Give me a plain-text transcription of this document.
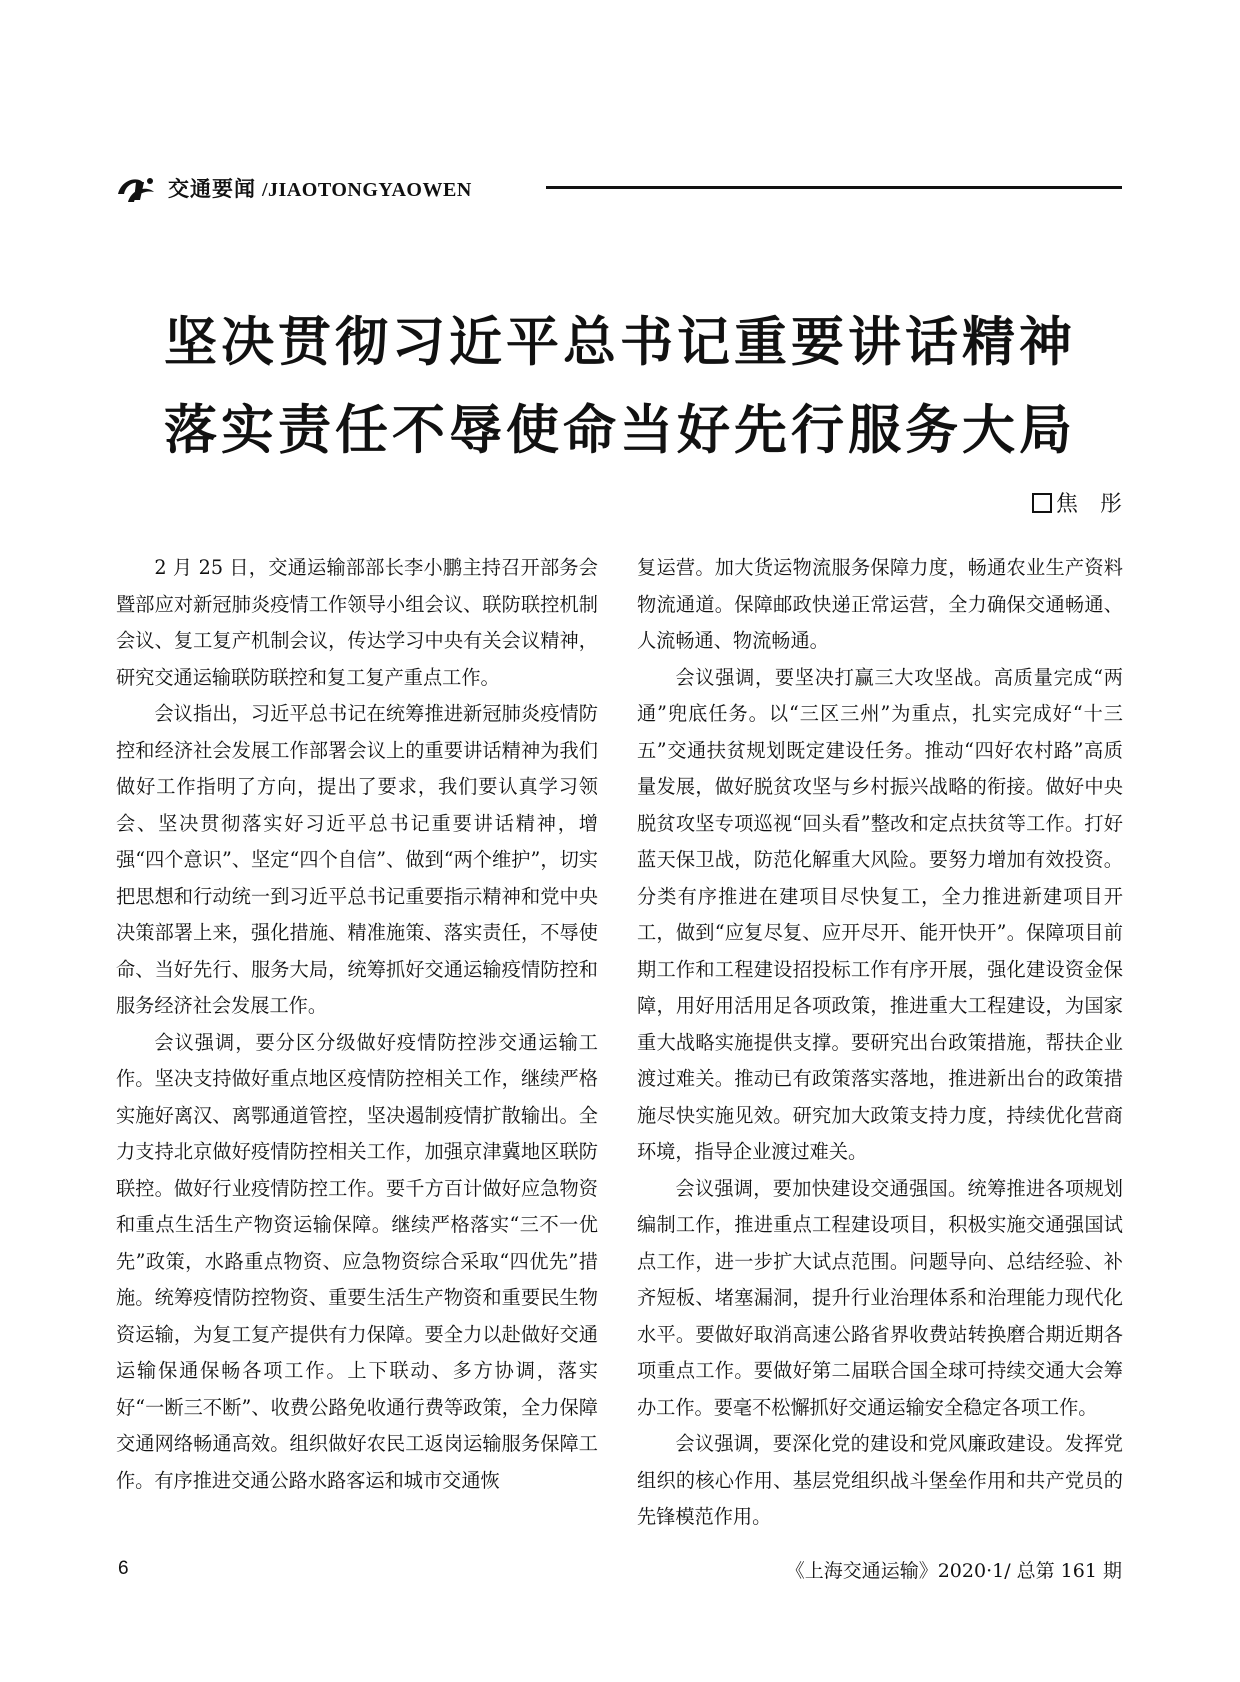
交通要闻 /JIAOTONGYAOWEN
坚决贯彻习近平总书记重要讲话精神
落实责任不辱使命当好先行服务大局
焦　彤

2 月 25 日，交通运输部部长李小鹏主持召开部务会暨部应对新冠肺炎疫情工作领导小组会议、联防联控机制会议、复工复产机制会议，传达学习中央有关会议精神，研究交通运输联防联控和复工复产重点工作。

会议指出，习近平总书记在统筹推进新冠肺炎疫情防控和经济社会发展工作部署会议上的重要讲话精神为我们做好工作指明了方向，提出了要求，我们要认真学习领会、坚决贯彻落实好习近平总书记重要讲话精神，增强“四个意识”、坚定“四个自信”、做到“两个维护”，切实把思想和行动统一到习近平总书记重要指示精神和党中央决策部署上来，强化措施、精准施策、落实责任，不辱使命、当好先行、服务大局，统筹抓好交通运输疫情防控和服务经济社会发展工作。

会议强调，要分区分级做好疫情防控涉交通运输工作。坚决支持做好重点地区疫情防控相关工作，继续严格实施好离汉、离鄂通道管控，坚决遏制疫情扩散输出。全力支持北京做好疫情防控相关工作，加强京津冀地区联防联控。做好行业疫情防控工作。要千方百计做好应急物资和重点生活生产物资运输保障。继续严格落实“三不一优先”政策，水路重点物资、应急物资综合采取“四优先”措施。统筹疫情防控物资、重要生活生产物资和重要民生物资运输，为复工复产提供有力保障。要全力以赴做好交通运输保通保畅各项工作。上下联动、多方协调，落实好“一断三不断”、收费公路免收通行费等政策，全力保障交通网络畅通高效。组织做好农民工返岗运输服务保障工作。有序推进交通公路水路客运和城市交通恢

复运营。加大货运物流服务保障力度，畅通农业生产资料物流通道。保障邮政快递正常运营，全力确保交通畅通、人流畅通、物流畅通。

会议强调，要坚决打赢三大攻坚战。高质量完成“两通”兜底任务。以“三区三州”为重点，扎实完成好“十三五”交通扶贫规划既定建设任务。推动“四好农村路”高质量发展，做好脱贫攻坚与乡村振兴战略的衔接。做好中央脱贫攻坚专项巡视“回头看”整改和定点扶贫等工作。打好蓝天保卫战，防范化解重大风险。要努力增加有效投资。分类有序推进在建项目尽快复工，全力推进新建项目开工，做到“应复尽复、应开尽开、能开快开”。保障项目前期工作和工程建设招投标工作有序开展，强化建设资金保障，用好用活用足各项政策，推进重大工程建设，为国家重大战略实施提供支撑。要研究出台政策措施，帮扶企业渡过难关。推动已有政策落实落地，推进新出台的政策措施尽快实施见效。研究加大政策支持力度，持续优化营商环境，指导企业渡过难关。

会议强调，要加快建设交通强国。统筹推进各项规划编制工作，推进重点工程建设项目，积极实施交通强国试点工作，进一步扩大试点范围。问题导向、总结经验、补齐短板、堵塞漏洞，提升行业治理体系和治理能力现代化水平。要做好取消高速公路省界收费站转换磨合期近期各项重点工作。要做好第二届联合国全球可持续交通大会筹办工作。要毫不松懈抓好交通运输安全稳定各项工作。

会议强调，要深化党的建设和党风廉政建设。发挥党组织的核心作用、基层党组织战斗堡垒作用和共产党员的先锋模范作用。

6	《上海交通运输》2020·1/ 总第 161 期
